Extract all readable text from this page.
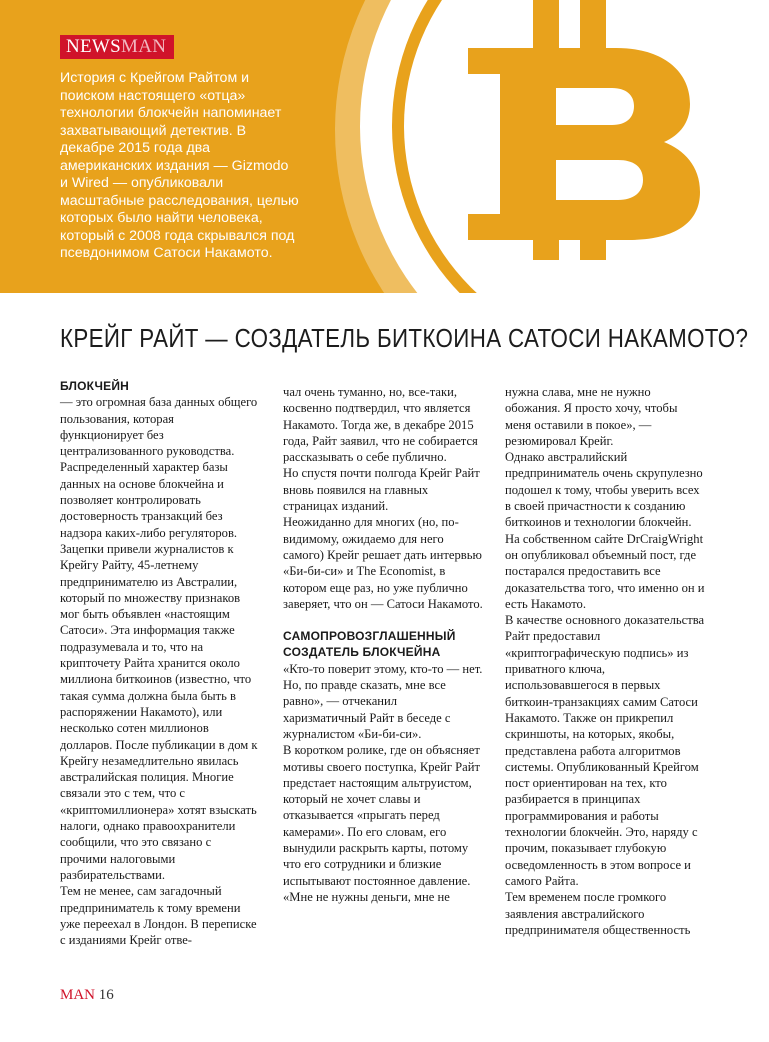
NEWSMAN

История с Крейгом Райтом и поиском настоящего «отца» технологии блокчейн напоминает захватывающий детектив. В декабре 2015 года два американских издания — Gizmodo и Wired — опубликовали масштабные расследования, целью которых было найти человека, который с 2008 года скрывался под псевдонимом Сатоси Накамото.

КРЕЙГ РАЙТ — СОЗДАТЕЛЬ БИТКОИНА САТОСИ НАКАМОТО?

БЛОКЧЕЙН

— это огромная база данных общего пользования, которая функционирует без централизованного руководства. Распределенный характер базы данных на основе блокчейна и позволяет контролировать достоверность транзакций без надзора каких-либо регуляторов.

Зацепки привели журналистов к Крейгу Райту, 45-летнему предпринимателю из Австралии, который по множеству признаков мог быть объявлен «настоящим Сатоси». Эта информация также подразумевала и то, что на крипточету Райта хранится около миллиона биткоинов (известно, что такая сумма должна была быть в распоряжении Накамото), или несколько сотен миллионов долларов. После публикации в дом к Крейгу незамедлительно явилась австралийская полиция. Многие связали это с тем, что с «криптомиллионера» хотят взыскать налоги, однако правоохранители сообщили, что это связано с прочими налоговыми разбирательствами.

Тем не менее, сам загадочный предприниматель к тому времени уже переехал в Лондон. В переписке с изданиями Крейг отве-

чал очень туманно, но, все-таки, косвенно подтвердил, что является Накамото. Тогда же, в декабре 2015 года, Райт заявил, что не собирается рассказывать о себе публично.

Но спустя почти полгода Крейг Райт вновь появился на главных страницах изданий.

Неожиданно для многих (но, по-видимому, ожидаемо для него самого) Крейг решает дать интервью «Би-би-си» и The Economist, в котором еще раз, но уже публично заверяет, что он — Сатоси Накамото.

САМОПРОВОЗГЛАШЕННЫЙ СОЗДАТЕЛЬ БЛОКЧЕЙНА

«Кто-то поверит этому, кто-то — нет. Но, по правде сказать, мне все равно», — отчеканил харизматичный Райт в беседе с журналистом «Би-би-си».

В коротком ролике, где он объясняет мотивы своего поступка, Крейг Райт предстает настоящим альтруистом, который не хочет славы и отказывается «прыгать перед камерами». По его словам, его вынудили раскрыть карты, потому что его сотрудники и близкие испытывают постоянное давление.

«Мне не нужны деньги, мне не

нужна слава, мне не нужно обожания. Я просто хочу, чтобы меня оставили в покое», — резюмировал Крейг.

Однако австралийский предприниматель очень скрупулезно подошел к тому, чтобы уверить всех в своей причастности к созданию биткоинов и технологии блокчейн. На собственном сайте DrCraigWright он опубликовал объемный пост, где постарался предоставить все доказательства того, что именно он и есть Накамото.

В качестве основного доказательства Райт предоставил «криптографическую подпись» из приватного ключа, использовавшегося в первых биткоин-транзакциях самим Сатоси Накамото. Также он прикрепил скриншоты, на которых, якобы, представлена работа алгоритмов системы. Опубликованный Крейгом пост ориентирован на тех, кто разбирается в принципах программирования и работы технологии блокчейн. Это, наряду с прочим, показывает глубокую осведомленность в этом вопросе и самого Райта.

Тем временем после громкого заявления австралийского предпринимателя общественность

MAN 16
